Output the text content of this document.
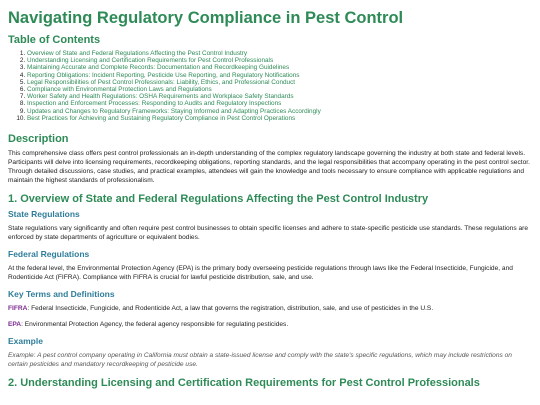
Navigating Regulatory Compliance in Pest Control
Table of Contents
1. Overview of State and Federal Regulations Affecting the Pest Control Industry
2. Understanding Licensing and Certification Requirements for Pest Control Professionals
3. Maintaining Accurate and Complete Records: Documentation and Recordkeeping Guidelines
4. Reporting Obligations: Incident Reporting, Pesticide Use Reporting, and Regulatory Notifications
5. Legal Responsibilities of Pest Control Professionals: Liability, Ethics, and Professional Conduct
6. Compliance with Environmental Protection Laws and Regulations
7. Worker Safety and Health Regulations: OSHA Requirements and Workplace Safety Standards
8. Inspection and Enforcement Processes: Responding to Audits and Regulatory Inspections
9. Updates and Changes to Regulatory Frameworks: Staying Informed and Adapting Practices Accordingly
10. Best Practices for Achieving and Sustaining Regulatory Compliance in Pest Control Operations
Description

This comprehensive class offers pest control professionals an in-depth understanding of the complex regulatory landscape governing the industry at both state and federal levels. Participants will delve into licensing requirements, recordkeeping obligations, reporting standards, and the legal responsibilities that accompany operating in the pest control sector. Through detailed discussions, case studies, and practical examples, attendees will gain the knowledge and tools necessary to ensure compliance with applicable regulations and maintain the highest standards of professionalism.

1. Overview of State and Federal Regulations Affecting the Pest Control Industry
State Regulations

State regulations vary significantly and often require pest control businesses to obtain specific licenses and adhere to state-specific pesticide use standards. These regulations are enforced by state departments of agriculture or equivalent bodies.

Federal Regulations

At the federal level, the Environmental Protection Agency (EPA) is the primary body overseeing pesticide regulations through laws like the Federal Insecticide, Fungicide, and Rodenticide Act (FIFRA). Compliance with FIFRA is crucial for lawful pesticide distribution, sale, and use.

Key Terms and Definitions

FIFRA: Federal Insecticide, Fungicide, and Rodenticide Act, a law that governs the registration, distribution, sale, and use of pesticides in the U.S.

EPA: Environmental Protection Agency, the federal agency responsible for regulating pesticides.

Example

Example: A pest control company operating in California must obtain a state-issued license and comply with the state's specific regulations, which may include restrictions on certain pesticides and mandatory recordkeeping of pesticide use.

2. Understanding Licensing and Certification Requirements for Pest Control Professionals
